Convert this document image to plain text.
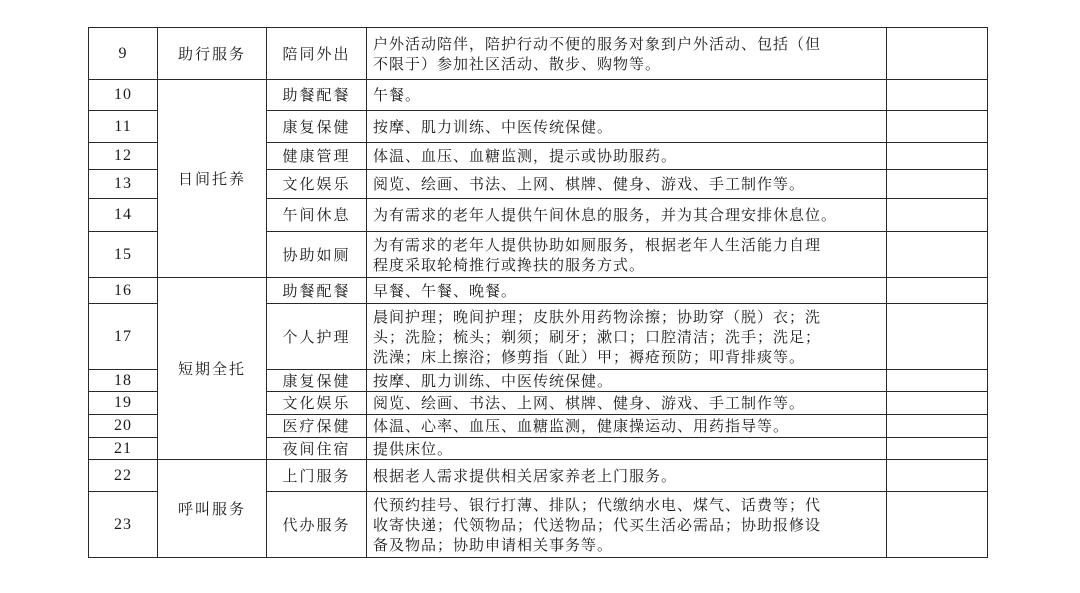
9	助行服务	陪同外出	户外活动陪伴，陪护行动不便的服务对象到户外活动、包括（但
不限于）参加社区活动、散步、购物等。	

10	日间托养	助餐配餐	午餐。	

11		康复保健	按摩、肌力训练、中医传统保健。	

12		健康管理	体温、血压、血糖监测，提示或协助服药。	

13		文化娱乐	阅览、绘画、书法、上网、棋牌、健身、游戏、手工制作等。	

14		午间休息	为有需求的老年人提供午间休息的服务，并为其合理安排休息位。	

15		协助如厕	为有需求的老年人提供协助如厕服务，根据老年人生活能力自理
程度采取轮椅推行或搀扶的服务方式。	

16	短期全托	助餐配餐	早餐、午餐、晚餐。	

17		个人护理	晨间护理；晚间护理；皮肤外用药物涂擦；协助穿（脱）衣；洗
头；洗脸；梳头；剃须；刷牙；漱口；口腔清洁；洗手；洗足；
洗澡；床上擦浴；修剪指（趾）甲；褥疮预防；叩背排痰等。	

18		康复保健	按摩、肌力训练、中医传统保健。	

19		文化娱乐	阅览、绘画、书法、上网、棋牌、健身、游戏、手工制作等。	

20		医疗保健	体温、心率、血压、血糖监测，健康操运动、用药指导等。	

21		夜间住宿	提供床位。	

22	呼叫服务	上门服务	根据老人需求提供相关居家养老上门服务。	

23		代办服务	代预约挂号、银行打薄、排队；代缴纳水电、煤气、话费等；代
收寄快递；代领物品；代送物品；代买生活必需品；协助报修设
备及物品；协助申请相关事务等。	
